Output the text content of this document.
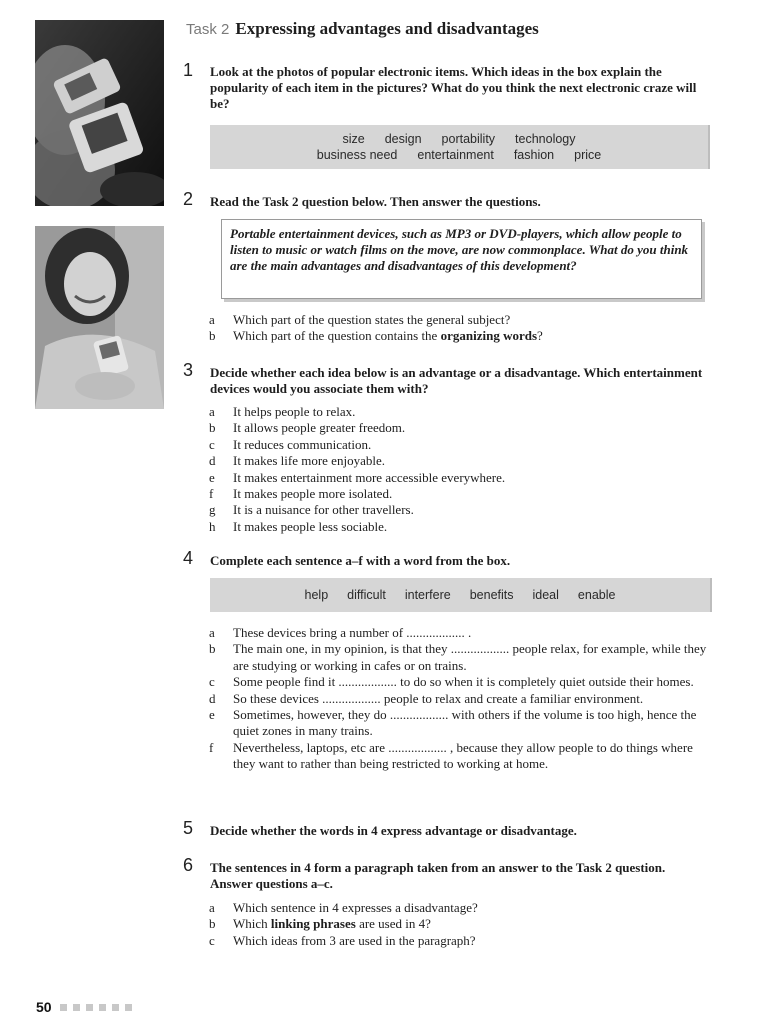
Task 2 Expressing advantages and disadvantages
1 Look at the photos of popular electronic items. Which ideas in the box explain the popularity of each item in the pictures? What do you think the next electronic craze will be?
size design portability technology
business need entertainment fashion price
2 Read the Task 2 question below. Then answer the questions.
Portable entertainment devices, such as MP3 or DVD-players, which allow people to listen to music or watch films on the move, are now commonplace. What do you think are the main advantages and disadvantages of this development?
a	Which part of the question states the general subject?
b	Which part of the question contains the organizing words?
3 Decide whether each idea below is an advantage or a disadvantage. Which entertainment devices would you associate them with?
a	It helps people to relax.
b	It allows people greater freedom.
c	It reduces communication.
d	It makes life more enjoyable.
e	It makes entertainment more accessible everywhere.
f	It makes people more isolated.
g	It is a nuisance for other travellers.
h	It makes people less sociable.
4 Complete each sentence a–f with a word from the box.
help difficult interfere benefits ideal enable
a	These devices bring a number of .................. .
b	The main one, in my opinion, is that they .................. people relax, for example, while they are studying or working in cafes or on trains.
c	Some people find it .................. to do so when it is completely quiet outside their homes.
d	So these devices .................. people to relax and create a familiar environment.
e	Sometimes, however, they do .................. with others if the volume is too high, hence the quiet zones in many trains.
f	Nevertheless, laptops, etc are .................. , because they allow people to do things where they want to rather than being restricted to working at home.
5 Decide whether the words in 4 express advantage or disadvantage.
6 The sentences in 4 form a paragraph taken from an answer to the Task 2 question. Answer questions a–c.
a	Which sentence in 4 expresses a disadvantage?
b	Which linking phrases are used in 4?
c	Which ideas from 3 are used in the paragraph?
50
